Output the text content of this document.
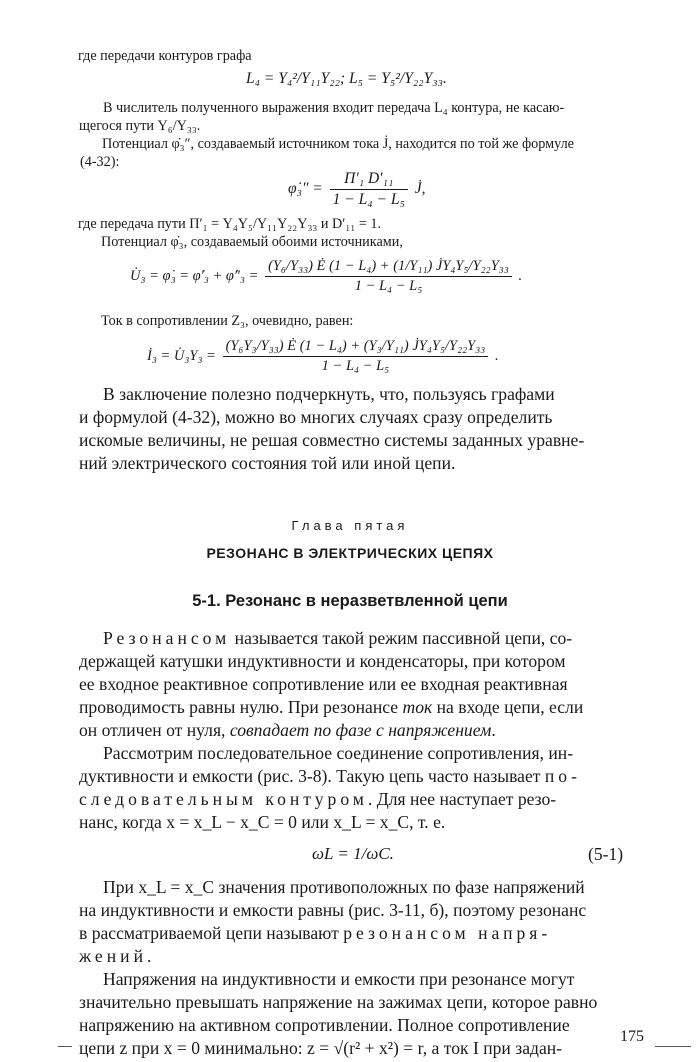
где передачи контуров графа
L₄ = Y₄²/Y₁₁Y₂₂; L₅ = Y₅²/Y₂₂Y₃₃.
В числитель полученного выражения входит передача L₄ контура, не касаю-
щегося пути Y₆/Y₃₃.
Потенциал φ̇₃″, создаваемый источником тока J̇, находится по той же формуле
(4-32):
φ̇₃″ = $\frac{\text{Π′₁ D′₁₁}}{\text{1 − L₄ − L₅}}$ J̇,
где передача пути Π′₁ = Y₄Y₅/Y₁₁Y₂₂Y₃₃ и D′₁₁ = 1.
Потенциал φ̇₃, создаваемый обоими источниками,
U̇₃ = φ̇₃ = φ̇′₃ + φ̇″₃ = $\frac{\text{(Y₆/Y₃₃) Ė (1 − L₄) + (1/Y₁₁) J̇Y₄Y₅/Y₂₂Y₃₃}}{\text{1 − L₄ − L₅}}$ .
Ток в сопротивлении Z₃, очевидно, равен:
İ₃ = U̇₃Y₃ = $\frac{\text{(Y₆Y₃/Y₃₃) Ė (1 − L₄) + (Y₃/Y₁₁) J̇Y₄Y₅/Y₂₂Y₃₃}}{\text{1 − L₄ − L₅}}$ .
В заключение полезно подчеркнуть, что, пользуясь графами
и формулой (4-32), можно во многих случаях сразу определить
искомые величины, не решая совместно системы заданных уравне-
ний электрического состояния той или иной цепи.
Глава пятая
РЕЗОНАНС В ЭЛЕКТРИЧЕСКИХ ЦЕПЯХ
5-1. Резонанс в неразветвленной цепи
Резонансом называется такой режим пассивной цепи, со-
держащей катушки индуктивности и конденсаторы, при котором
ее входное реактивное сопротивление или ее входная реактивная
проводимость равны нулю. При резонансе ток на входе цепи, если
он отличен от нуля, совпадает по фазе с напряжением.
Рассмотрим последовательное соединение сопротивления, ин-
дуктивности и емкости (рис. 3-8). Такую цепь часто называет по-
следовательным контуром. Для нее наступает резо-
нанс, когда x = x_L − x_C = 0 или x_L = x_C, т. е.
ωL = 1/ωC.	(5-1)
При x_L = x_C значения противоположных по фазе напряжений
на индуктивности и емкости равны (рис. 3-11, б), поэтому резонанс
в рассматриваемой цепи называют резонансом напря-
жений.
Напряжения на индуктивности и емкости при резонансе могут
значительно превышать напряжение на зажимах цепи, которое равно
напряжению на активном сопротивлении. Полное сопротивление
цепи z при x = 0 минимально: z = √(r² + x²) = r, а ток I при задан-
175
